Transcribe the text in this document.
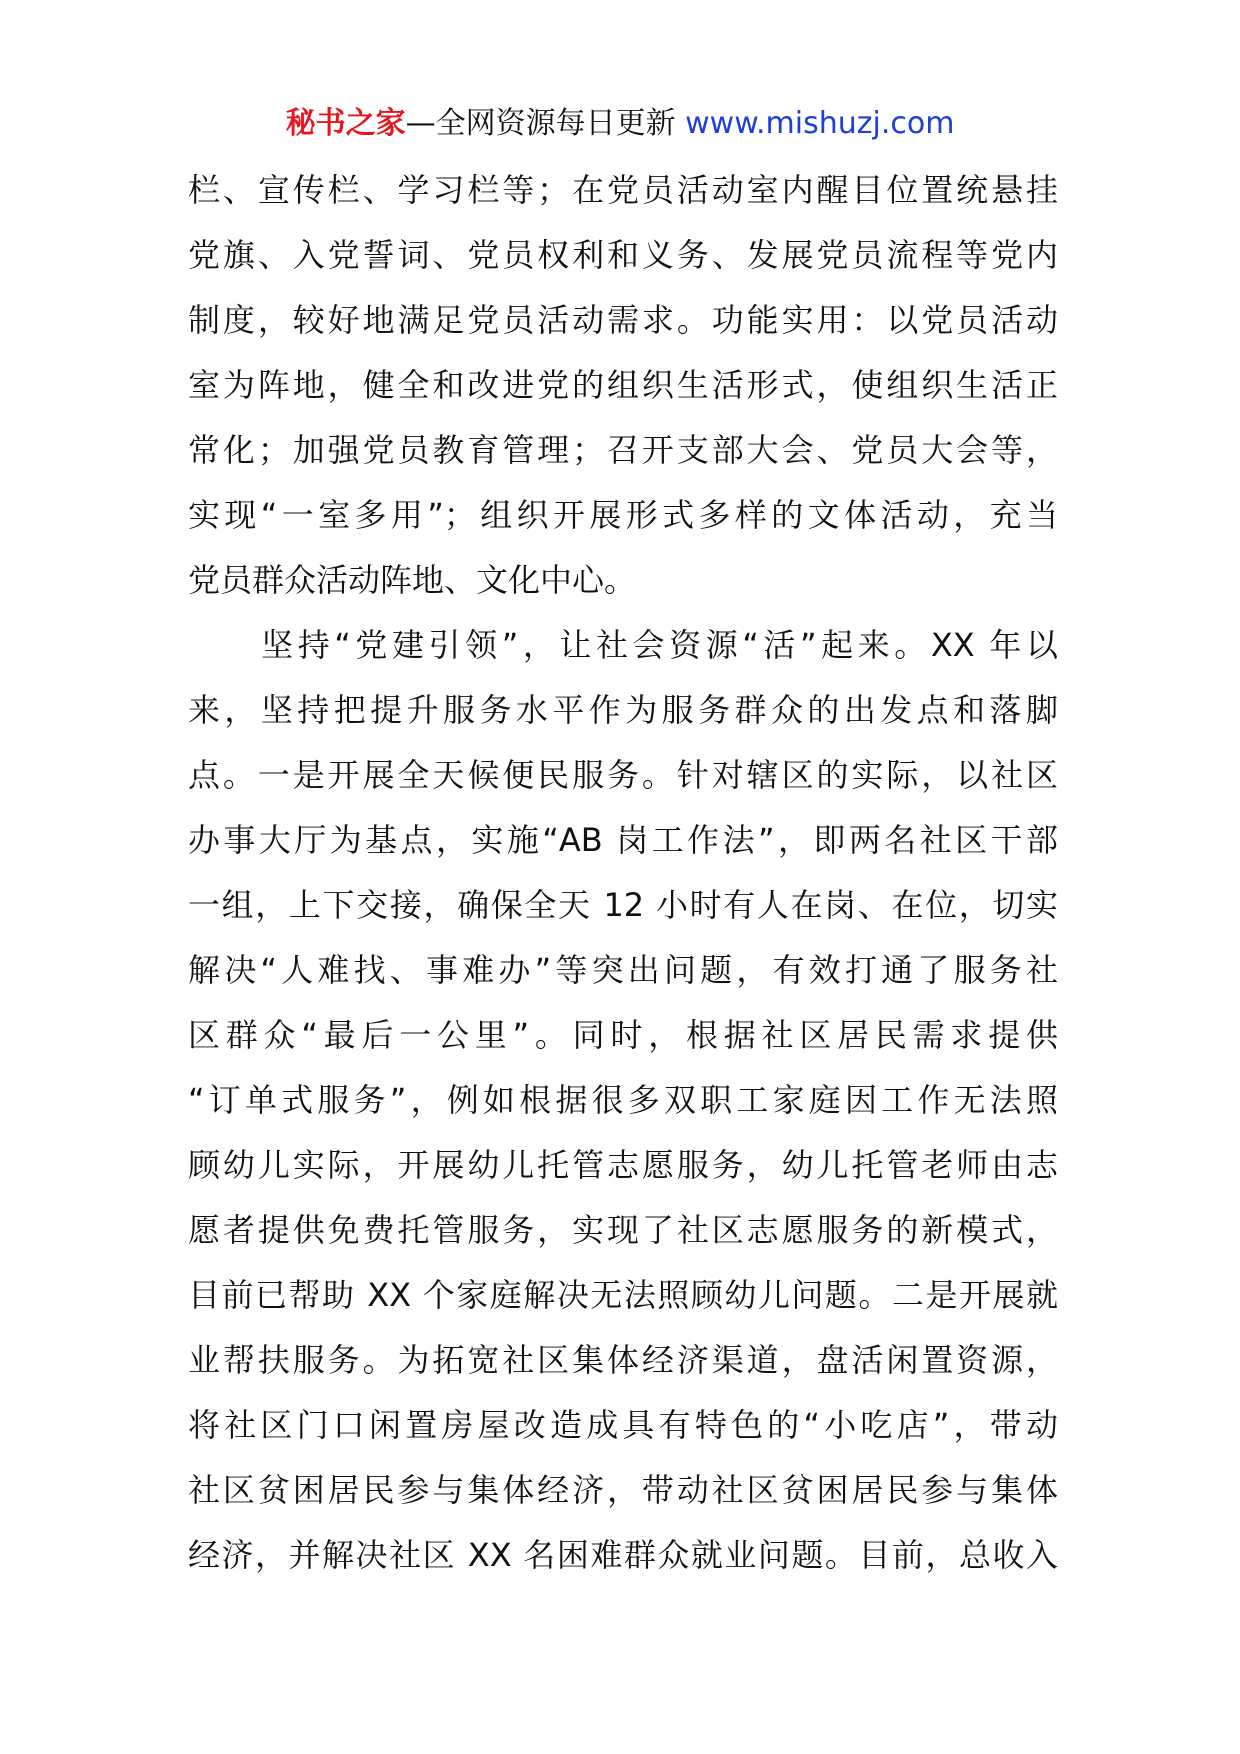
秘书之家—全网资源每日更新 www.mishuzj.com
栏、宣传栏、学习栏等；在党员活动室内醒目位置统悬挂
党旗、入党誓词、党员权利和义务、发展党员流程等党内
制度，较好地满足党员活动需求。功能实用：以党员活动
室为阵地，健全和改进党的组织生活形式，使组织生活正
常化；加强党员教育管理；召开支部大会、党员大会等，
实现“一室多用”；组织开展形式多样的文体活动，充当
党员群众活动阵地、文化中心。
　　坚持“党建引领”，让社会资源“活”起来。XX 年以
来，坚持把提升服务水平作为服务群众的出发点和落脚
点。一是开展全天候便民服务。针对辖区的实际，以社区
办事大厅为基点，实施“AB 岗工作法”，即两名社区干部
一组，上下交接，确保全天 12 小时有人在岗、在位，切实
解决“人难找、事难办”等突出问题，有效打通了服务社
区群众“最后一公里”。同时，根据社区居民需求提供
“订单式服务”，例如根据很多双职工家庭因工作无法照
顾幼儿实际，开展幼儿托管志愿服务，幼儿托管老师由志
愿者提供免费托管服务，实现了社区志愿服务的新模式，
目前已帮助 XX 个家庭解决无法照顾幼儿问题。二是开展就
业帮扶服务。为拓宽社区集体经济渠道，盘活闲置资源，
将社区门口闲置房屋改造成具有特色的“小吃店”，带动
社区贫困居民参与集体经济，带动社区贫困居民参与集体
经济，并解决社区 XX 名困难群众就业问题。目前，总收入
